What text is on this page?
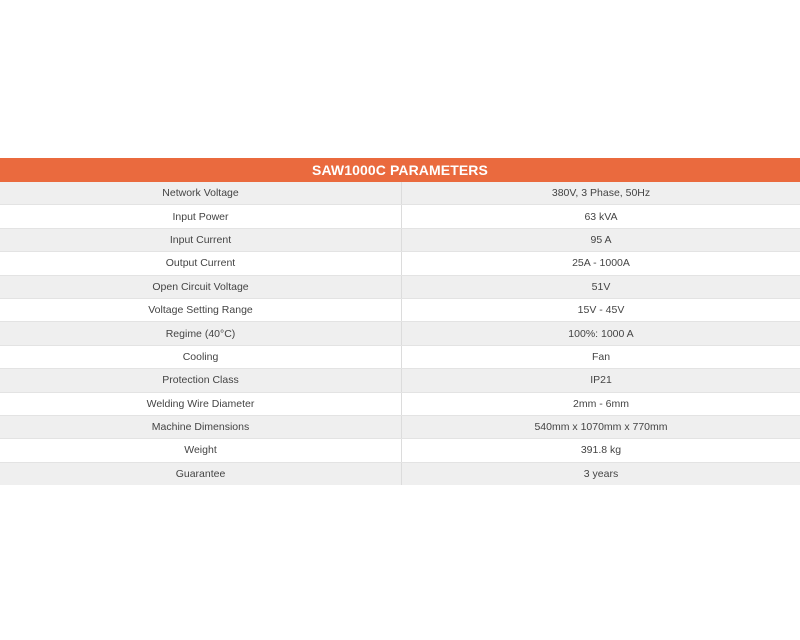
SAW1000C PARAMETERS
Network Voltage	380V, 3 Phase, 50Hz
Input Power	63 kVA
Input Current	95 A
Output Current	25A - 1000A
Open Circuit Voltage	51V
Voltage Setting Range	15V - 45V
Regime (40°C)	100%: 1000 A
Cooling	Fan
Protection Class	IP21
Welding Wire Diameter	2mm - 6mm
Machine Dimensions	540mm x 1070mm x 770mm
Weight	391.8 kg
Guarantee	3 years
